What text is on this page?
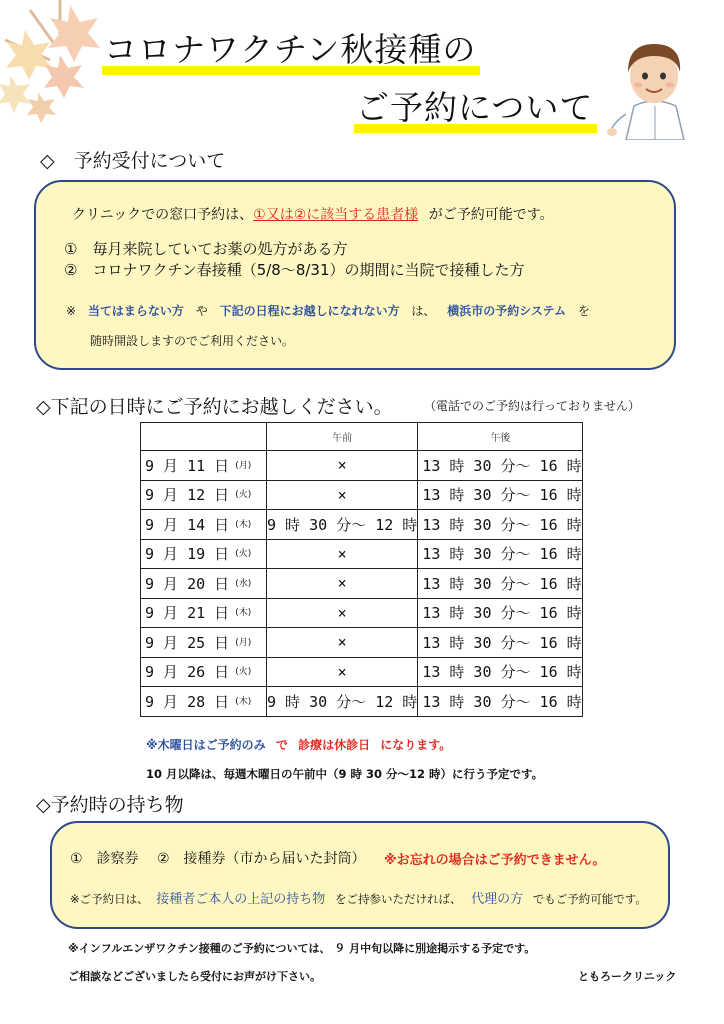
コロナワクチン秋接種の
ご予約について
◇　予約受付について
クリニックでの窓口予約は、①又は②に該当する患者様 がご予約可能です。
①　毎月来院していてお薬の処方がある方
②　コロナワクチン春接種（5/8～8/31）の期間に当院で接種した方
※ 当てはまらない方 や 下記の日程にお越しになれない方 は、 横浜市の予約システム を
随時開設しますのでご利用ください。
◇下記の日時にご予約にお越しください。	（電話でのご予約は行っておりません）
	午前	午後
9 月 11 日 $^{(月)}$	×	13 時 30 分～ 16 時
9 月 12 日 $^{(火)}$	×	13 時 30 分～ 16 時
9 月 14 日 $^{(木)}$	9 時 30 分～ 12 時	13 時 30 分～ 16 時
9 月 19 日 $^{(火)}$	×	13 時 30 分～ 16 時
9 月 20 日 $^{(水)}$	×	13 時 30 分～ 16 時
9 月 21 日 $^{(木)}$	×	13 時 30 分～ 16 時
9 月 25 日 $^{(月)}$	×	13 時 30 分～ 16 時
9 月 26 日 $^{(火)}$	×	13 時 30 分～ 16 時
9 月 28 日 $^{(木)}$	9 時 30 分～ 12 時	13 時 30 分～ 16 時
※木曜日はご予約のみ で 診療は休診日 になります。
10 月以降は、毎週木曜日の午前中（9 時 30 分～12 時）に行う予定です。
◇予約時の持ち物
①　診察券　 ②　接種券（市から届いた封筒） ※お忘れの場合はご予約できません。
※ご予約日は、 接種者ご本人の上記の持ち物 をご持参いただければ、 代理の方 でもご予約可能です。
※インフルエンザワクチン接種のご予約については、 ９ 月中旬以降に別途掲示する予定です。
ご相談などございましたら受付にお声がけ下さい。	ともろークリニック
